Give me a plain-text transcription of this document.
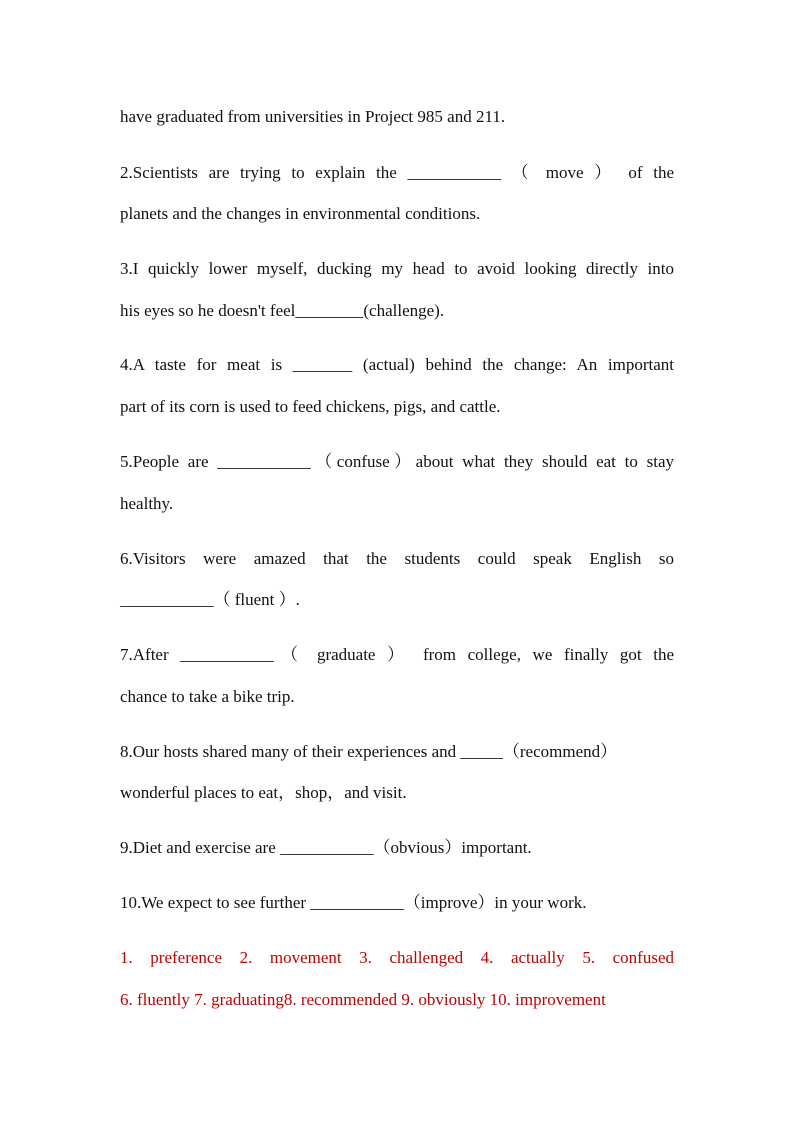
have graduated from universities in Project 985 and 211.

2.Scientists are trying to explain the ___________ （ move ） of the

planets and the changes in environmental conditions.

3.I quickly lower myself, ducking my head to avoid looking directly into

his eyes so he doesn't feel________(challenge).

4.A taste for meat is _______ (actual) behind the change: An important

part of its corn is used to feed chickens, pigs, and cattle.

5.People are ___________（confuse）about what they should eat to stay

healthy.

6.Visitors were amazed that the students could speak English so

___________（ fluent ）.

7.After ___________（ graduate ） from college, we finally got the

chance to take a bike trip.

8.Our hosts shared many of their experiences and _____（recommend）

wonderful places to eat，shop，and visit.

9.Diet and exercise are ___________（obvious）important.

10.We expect to see further ___________（improve）in your work.

1. preference 2. movement 3. challenged 4. actually 5. confused

6. fluently 7. graduating8. recommended 9. obviously 10. improvement
